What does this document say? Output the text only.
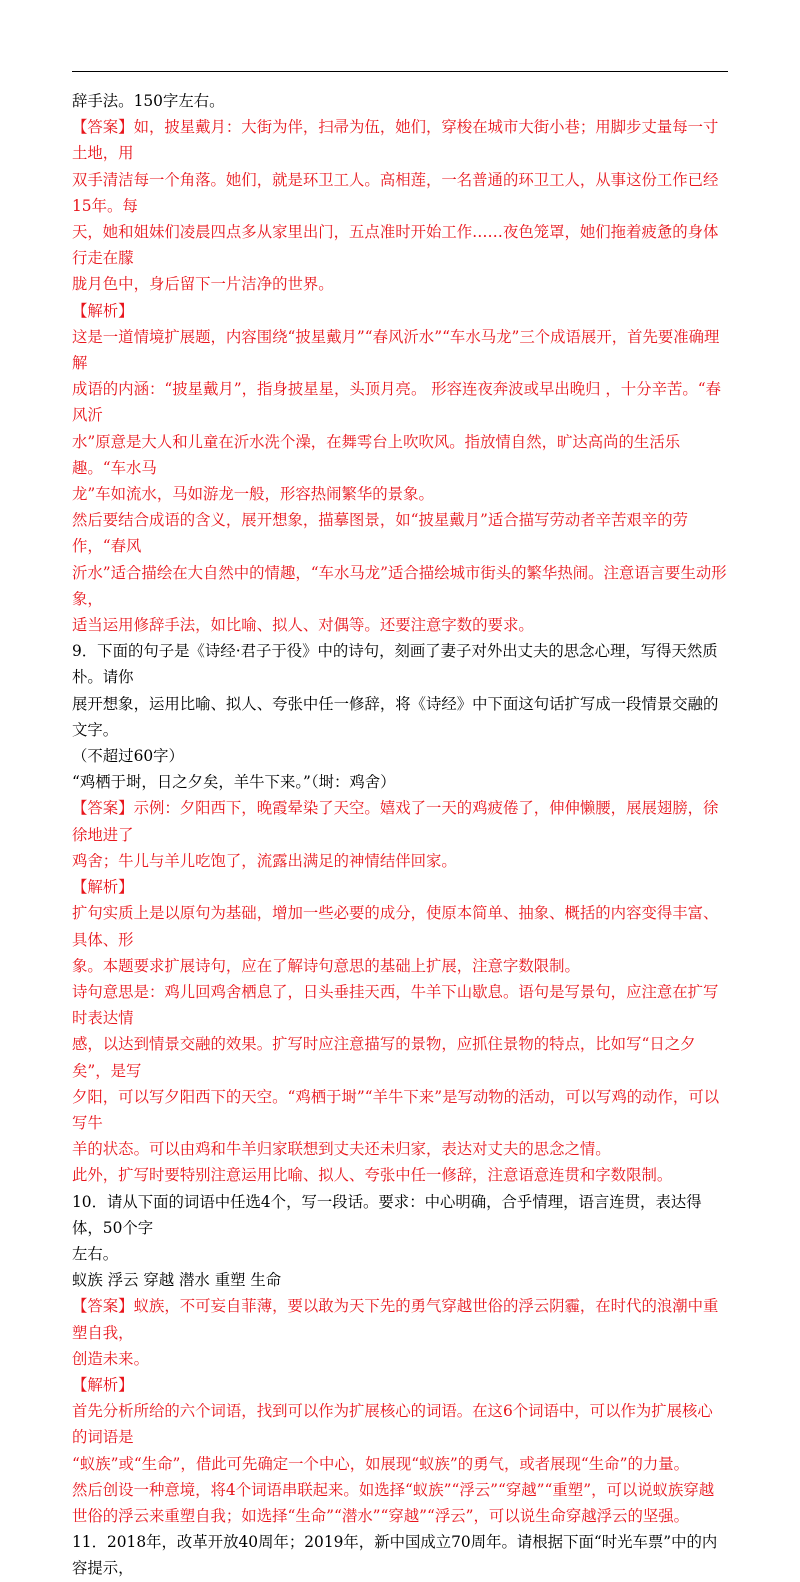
辞手法。150字左右。

【答案】如，披星戴月：大街为伴，扫帚为伍，她们，穿梭在城市大街小巷；用脚步丈量每一寸土地，用

双手清洁每一个角落。她们，就是环卫工人。高相莲，一名普通的环卫工人，从事这份工作已经15年。每

天，她和姐妹们凌晨四点多从家里出门，五点准时开始工作……夜色笼罩，她们拖着疲惫的身体行走在朦

胧月色中，身后留下一片洁净的世界。

【解析】

这是一道情境扩展题，内容围绕“披星戴月”“春风沂水”“车水马龙”三个成语展开，首先要准确理解

成语的内涵：“披星戴月”，指身披星星，头顶月亮。 形容连夜奔波或早出晚归 ，十分辛苦。“春风沂

水”原意是大人和儿童在沂水洗个澡，在舞雩台上吹吹风。指放情自然，旷达高尚的生活乐趣。“车水马

龙”车如流水，马如游龙一般，形容热闹繁华的景象。

然后要结合成语的含义，展开想象，描摹图景，如“披星戴月”适合描写劳动者辛苦艰辛的劳作，“春风

沂水”适合描绘在大自然中的情趣，“车水马龙”适合描绘城市街头的繁华热闹。注意语言要生动形象，

适当运用修辞手法，如比喻、拟人、对偶等。还要注意字数的要求。

9．下面的句子是《诗经·君子于役》中的诗句，刻画了妻子对外出丈夫的思念心理，写得天然质朴。请你

展开想象，运用比喻、拟人、夸张中任一修辞，将《诗经》中下面这句话扩写成一段情景交融的文字。

（不超过60字）

“鸡栖于埘，日之夕矣，羊牛下来。”（埘：鸡舍）

【答案】示例：夕阳西下，晚霞晕染了天空。嬉戏了一天的鸡疲倦了，伸伸懒腰，展展翅膀，徐徐地进了

鸡舍；牛儿与羊儿吃饱了，流露出满足的神情结伴回家。

【解析】

扩句实质上是以原句为基础，增加一些必要的成分，使原本简单、抽象、概括的内容变得丰富、具体、形

象。本题要求扩展诗句，应在了解诗句意思的基础上扩展，注意字数限制。

诗句意思是：鸡儿回鸡舍栖息了，日头垂挂天西，牛羊下山歇息。语句是写景句，应注意在扩写时表达情

感，以达到情景交融的效果。扩写时应注意描写的景物，应抓住景物的特点，比如写“日之夕矣”，是写

夕阳，可以写夕阳西下的天空。“鸡栖于埘”“羊牛下来”是写动物的活动，可以写鸡的动作，可以写牛

羊的状态。可以由鸡和牛羊归家联想到丈夫还未归家，表达对丈夫的思念之情。

此外，扩写时要特别注意运用比喻、拟人、夸张中任一修辞，注意语意连贯和字数限制。

10．请从下面的词语中任选4个，写一段话。要求：中心明确，合乎情理，语言连贯，表达得体，50个字

左右。

蚁族 浮云 穿越 潜水 重塑 生命

【答案】蚁族，不可妄自菲薄，要以敢为天下先的勇气穿越世俗的浮云阴霾，在时代的浪潮中重塑自我，

创造未来。

【解析】

首先分析所给的六个词语，找到可以作为扩展核心的词语。在这6个词语中，可以作为扩展核心的词语是

“蚁族”或“生命”，借此可先确定一个中心，如展现“蚁族”的勇气，或者展现“生命”的力量。

然后创设一种意境，将4个词语串联起来。如选择“蚁族”“浮云”“穿越”“重塑”，可以说蚁族穿越

世俗的浮云来重塑自我；如选择“生命”“潜水”“穿越”“浮云”，可以说生命穿越浮云的坚强。

11．2018年，改革开放40周年；2019年，新中国成立70周年。请根据下面“时光车票”中的内容提示，
